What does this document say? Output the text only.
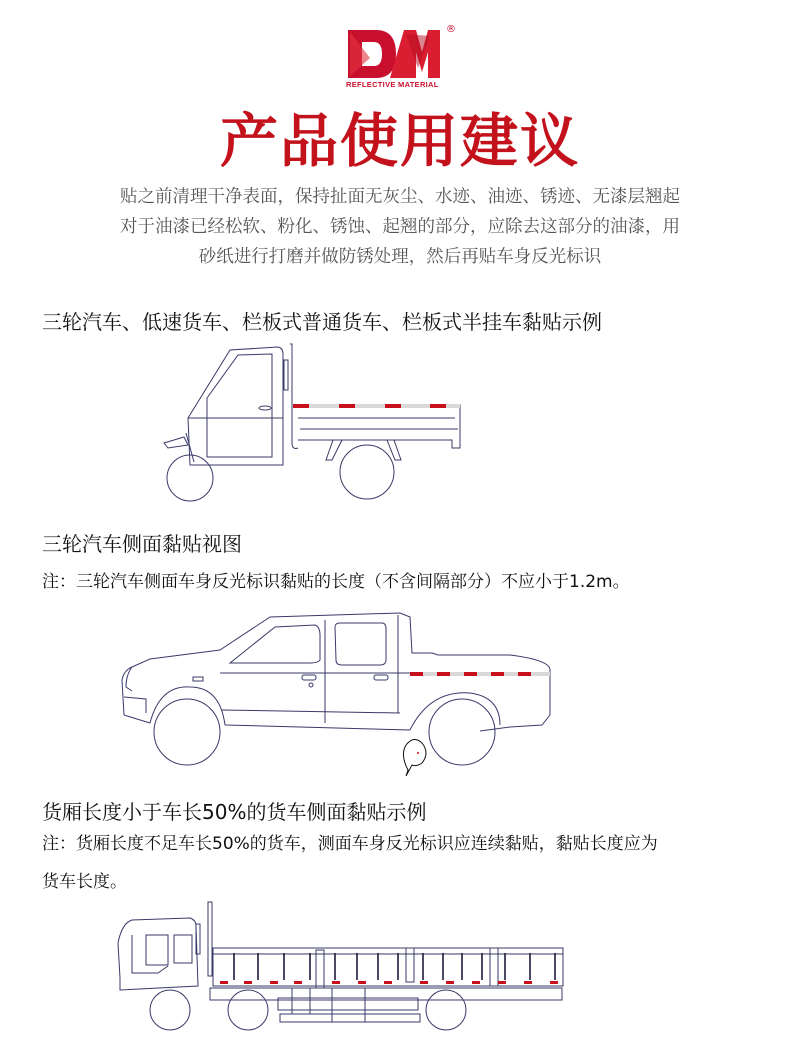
®
REFLECTIVE MATERIAL
产品使用建议
贴之前清理干净表面，保持扯面无灰尘、水迹、油迹、锈迹、无漆层翘起
对于油漆已经松软、粉化、锈蚀、起翘的部分，应除去这部分的油漆，用
砂纸进行打磨并做防锈处理，然后再贴车身反光标识
三轮汽车、低速货车、栏板式普通货车、栏板式半挂车黏贴示例
三轮汽车侧面黏贴视图
注：三轮汽车侧面车身反光标识黏贴的长度（不含间隔部分）不应小于1.2m。
货厢长度小于车长50%的货车侧面黏贴示例
注：货厢长度不足车长50%的货车，测面车身反光标识应连续黏贴，黏贴长度应为
货车长度。
